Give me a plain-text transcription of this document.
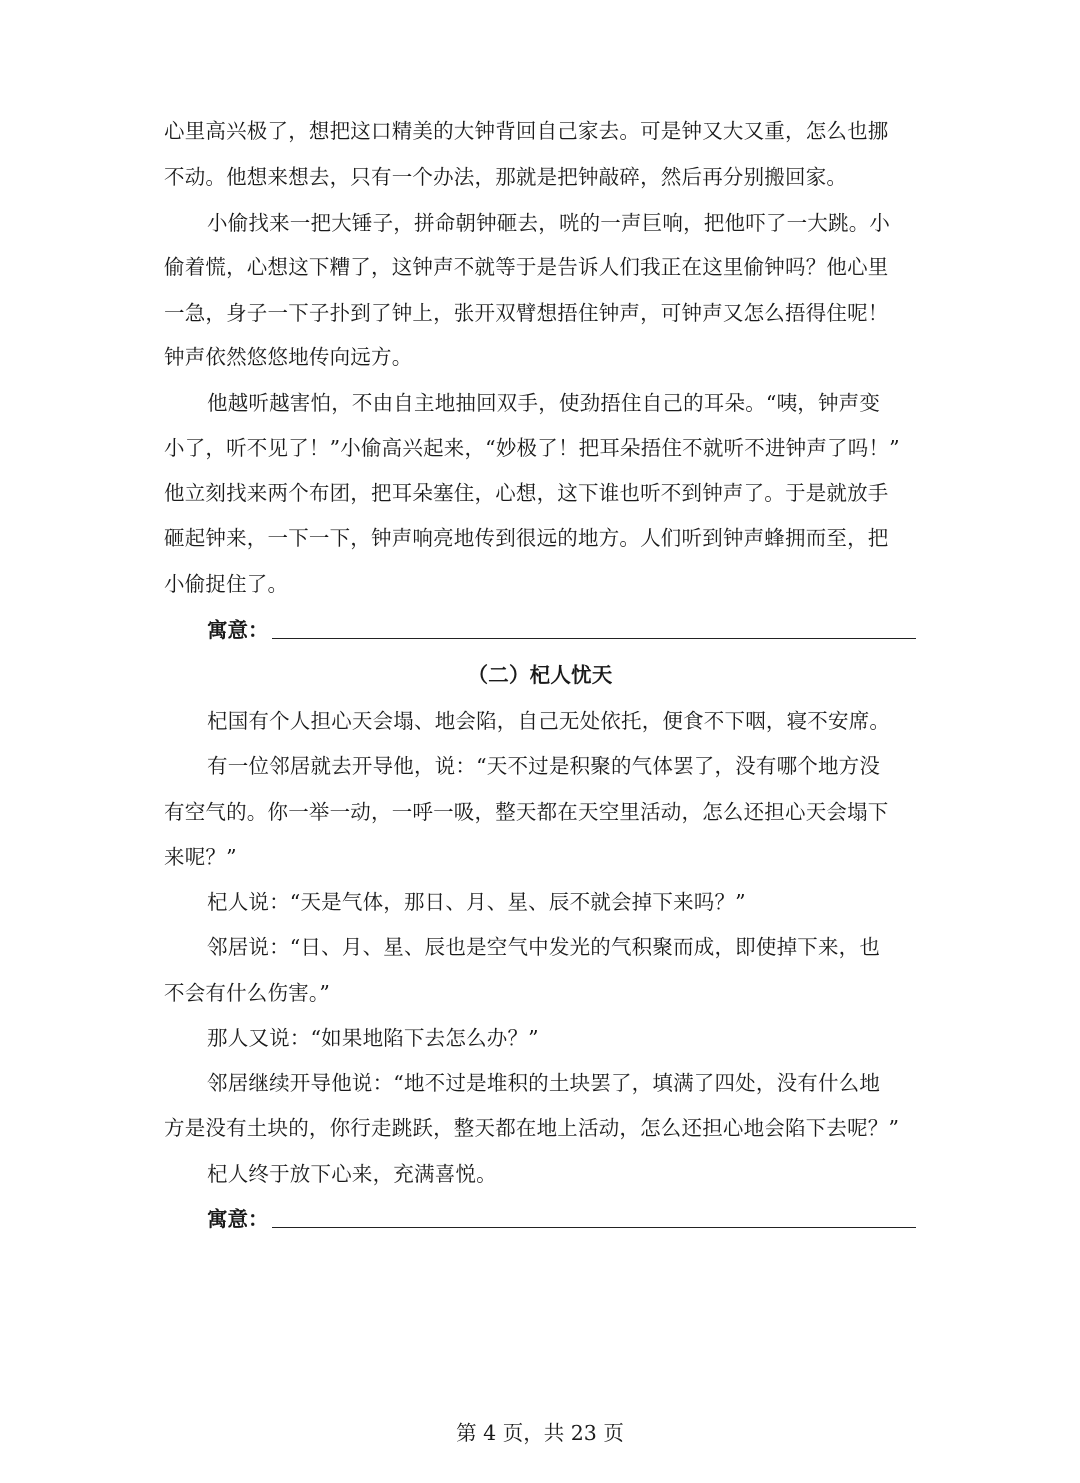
心里高兴极了，想把这口精美的大钟背回自己家去。可是钟又大又重，怎么也挪
不动。他想来想去，只有一个办法，那就是把钟敲碎，然后再分别搬回家。
小偷找来一把大锤子，拼命朝钟砸去，咣的一声巨响，把他吓了一大跳。小
偷着慌，心想这下糟了，这钟声不就等于是告诉人们我正在这里偷钟吗？他心里
一急，身子一下子扑到了钟上，张开双臂想捂住钟声，可钟声又怎么捂得住呢！
钟声依然悠悠地传向远方。
他越听越害怕，不由自主地抽回双手，使劲捂住自己的耳朵。“咦，钟声变
小了，听不见了！”小偷高兴起来，“妙极了！把耳朵捂住不就听不进钟声了吗！”
他立刻找来两个布团，把耳朵塞住，心想，这下谁也听不到钟声了。于是就放手
砸起钟来，一下一下，钟声响亮地传到很远的地方。人们听到钟声蜂拥而至，把
小偷捉住了。
寓意：
（二）杞人忧天
杞国有个人担心天会塌、地会陷，自己无处依托，便食不下咽，寝不安席。
有一位邻居就去开导他，说：“天不过是积聚的气体罢了，没有哪个地方没
有空气的。你一举一动，一呼一吸，整天都在天空里活动，怎么还担心天会塌下
来呢？”
杞人说：“天是气体，那日、月、星、辰不就会掉下来吗？”
邻居说：“日、月、星、辰也是空气中发光的气积聚而成，即使掉下来，也
不会有什么伤害。”
那人又说：“如果地陷下去怎么办？”
邻居继续开导他说：“地不过是堆积的土块罢了，填满了四处，没有什么地
方是没有土块的，你行走跳跃，整天都在地上活动，怎么还担心地会陷下去呢？”
杞人终于放下心来，充满喜悦。
寓意：
第 4 页，共 23 页
